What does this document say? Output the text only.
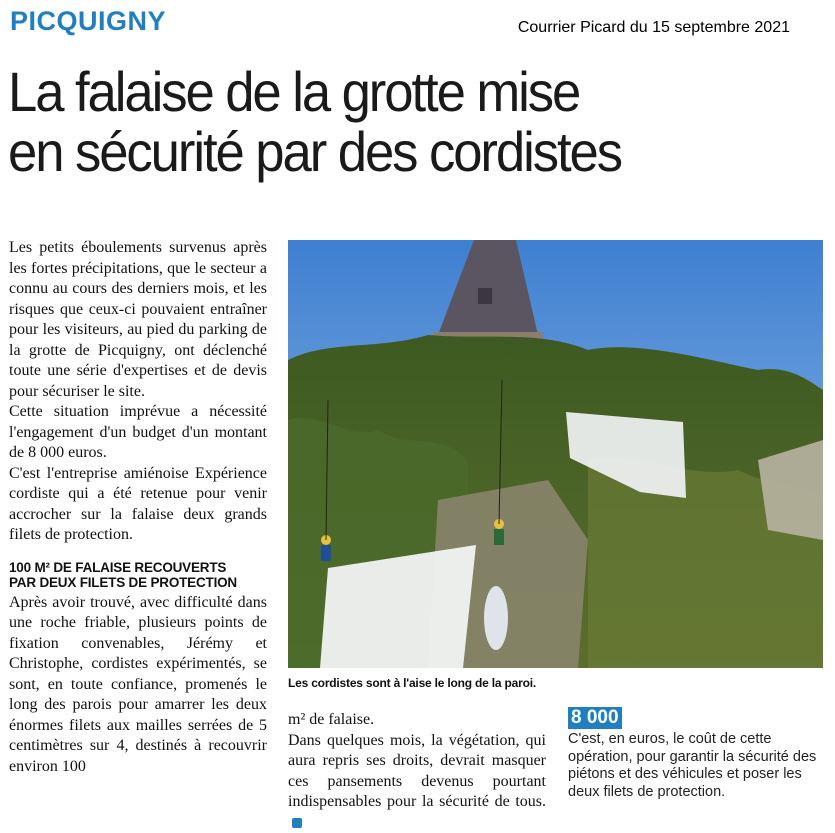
PICQUIGNY	Courrier Picard du 15 septembre 2021
La falaise de la grotte mise
en sécurité par des cordistes

Les petits éboulements survenus après les fortes précipitations, que le secteur a connu au cours des derniers mois, et les risques que ceux-ci pouvaient entraîner pour les visiteurs, au pied du parking de la grotte de Picquigny, ont déclenché toute une série d'expertises et de devis pour sécuriser le site.

Cette situation imprévue a nécessité l'engagement d'un budget d'un montant de 8 000 euros.

C'est l'entreprise amiénoise Expérience cordiste qui a été retenue pour venir accrocher sur la falaise deux grands filets de protection.

100 M² DE FALAISE RECOUVERTS
PAR DEUX FILETS DE PROTECTION

Après avoir trouvé, avec difficulté dans une roche friable, plusieurs points de fixation convenables, Jérémy et Christophe, cordistes expérimentés, se sont, en toute confiance, promenés le long des parois pour amarrer les deux énormes filets aux mailles serrées de 5 centimètres sur 4, destinés à recouvrir environ 100

Les cordistes sont à l'aise le long de la paroi.

m² de falaise.

Dans quelques mois, la végétation, qui aura repris ses droits, devrait masquer ces pansements devenus pourtant indispensables pour la sécurité de tous.

8 000
C'est, en euros, le coût de cette opération, pour garantir la sécurité des piétons et des véhicules et poser les deux filets de protection.
